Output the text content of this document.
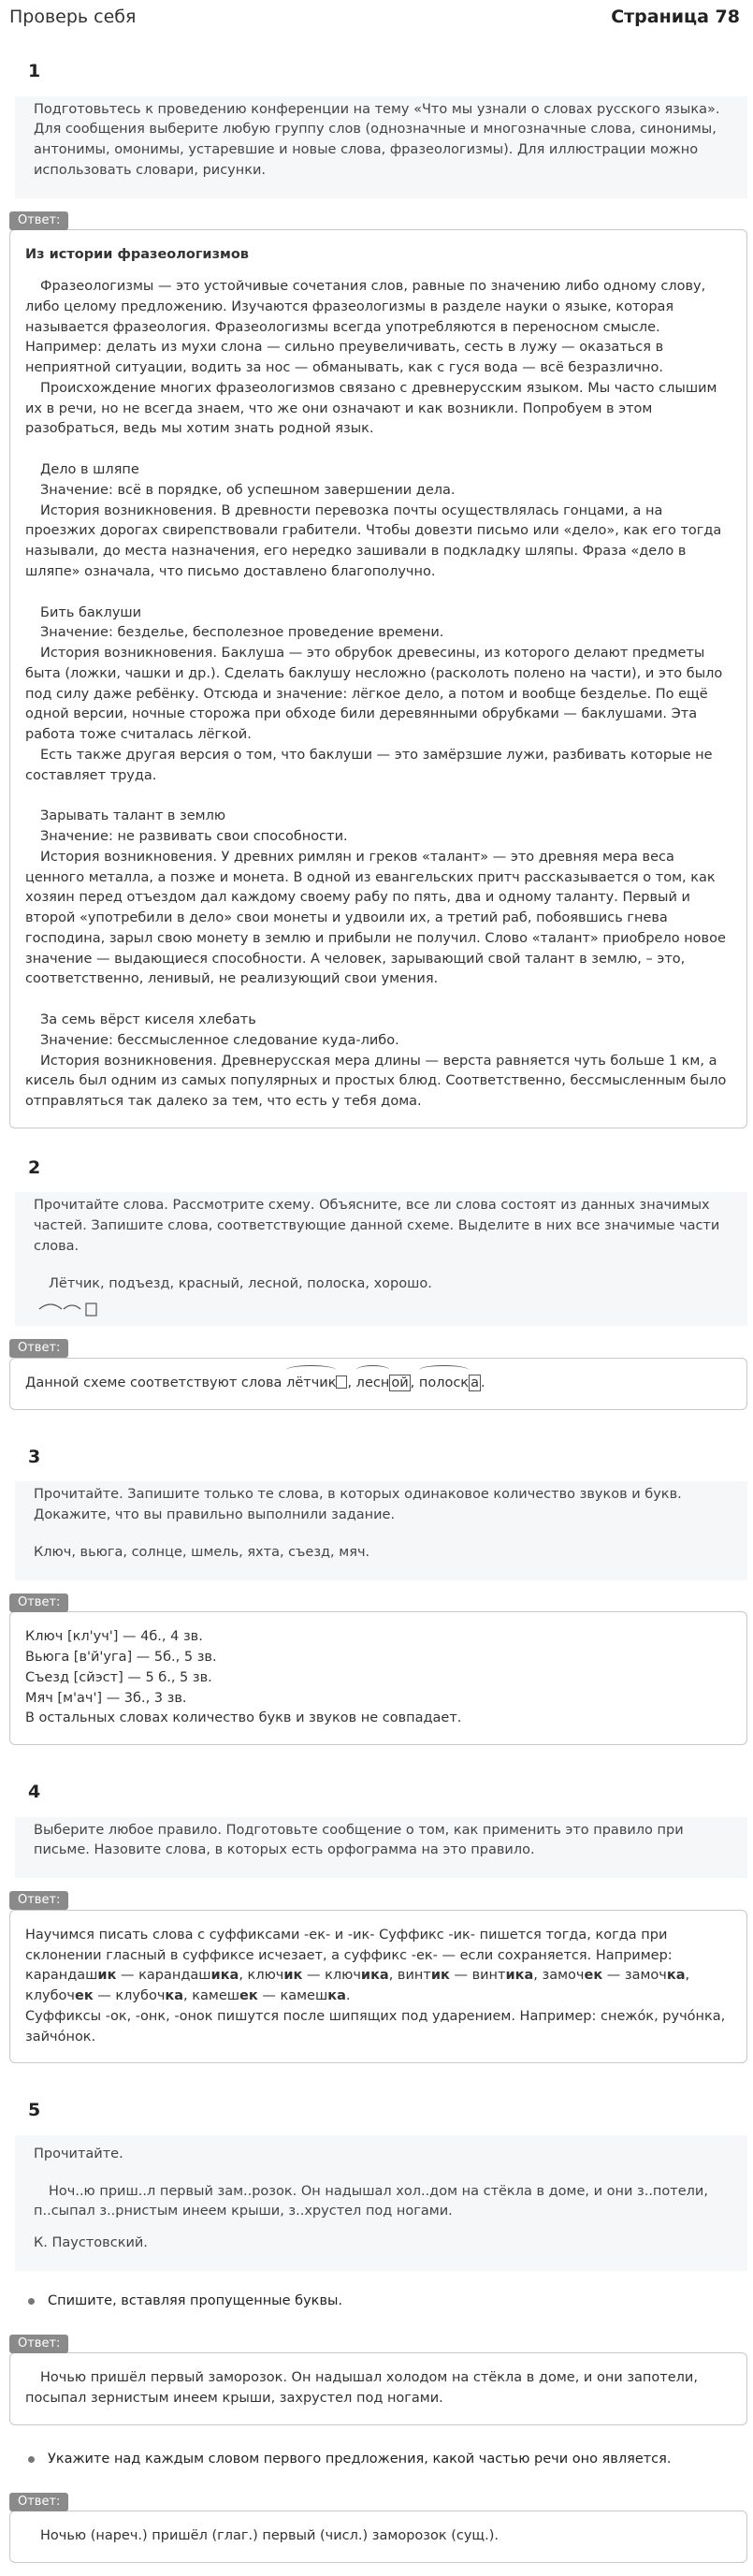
Проверь себя	Страница 78
1

Подготовьтесь к проведению конференции на тему «Что мы узнали о словах русского языка». Для сообщения выберите любую группу слов (однозначные и многозначные слова, синонимы, антонимы, омонимы, устаревшие и новые слова, фразеологизмы). Для иллюстрации можно использовать словари, рисунки.

Ответ:

Из истории фразеологизмов

Фразеологизмы — это устойчивые сочетания слов, равные по значению либо одному слову, либо целому предложению. Изучаются фразеологизмы в разделе науки о языке, которая называется фразеология. Фразеологизмы всегда употребляются в переносном смысле. Например: делать из мухи слона — сильно преувеличивать, сесть в лужу — оказаться в неприятной ситуации, водить за нос — обманывать, как с гуся вода — всё безразлично.

Происхождение многих фразеологизмов связано с древнерусским языком. Мы часто слышим их в речи, но не всегда знаем, что же они означают и как возникли. Попробуем в этом разобраться, ведь мы хотим знать родной язык.

Дело в шляпе

Значение: всё в порядке, об успешном завершении дела.

История возникновения. В древности перевозка почты осуществлялась гонцами, а на проезжих дорогах свирепствовали грабители. Чтобы довезти письмо или «дело», как его тогда называли, до места назначения, его нередко зашивали в подкладку шляпы. Фраза «дело в шляпе» означала, что письмо доставлено благополучно.

Бить баклуши

Значение: безделье, бесполезное проведение времени.

История возникновения. Баклуша — это обрубок древесины, из которого делают предметы быта (ложки, чашки и др.). Сделать баклушу несложно (расколоть полено на части), и это было под силу даже ребёнку. Отсюда и значение: лёгкое дело, а потом и вообще безделье. По ещё одной версии, ночные сторожа при обходе били деревянными обрубками — баклушами. Эта работа тоже считалась лёгкой.

Есть также другая версия о том, что баклуши — это замёрзшие лужи, разбивать которые не составляет труда.

Зарывать талант в землю

Значение: не развивать свои способности.

История возникновения. У древних римлян и греков «талант» — это древняя мера веса ценного металла, а позже и монета. В одной из евангельских притч рассказывается о том, как хозяин перед отъездом дал каждому своему рабу по пять, два и одному таланту. Первый и второй «употребили в дело» свои монеты и удвоили их, а третий раб, побоявшись гнева господина, зарыл свою монету в землю и прибыли не получил. Слово «талант» приобрело новое значение — выдающиеся способности. А человек, зарывающий свой талант в землю, – это, соответственно, ленивый, не реализующий свои умения.

За семь вёрст киселя хлебать

Значение: бессмысленное следование куда-либо.

История возникновения. Древнерусская мера длины — верста равняется чуть больше 1 км, а кисель был одним из самых популярных и простых блюд. Соответственно, бессмысленным было отправляться так далеко за тем, что есть у тебя дома.

2

Прочитайте слова. Рассмотрите схему. Объясните, все ли слова состоят из данных значимых частей. Запишите слова, соответствующие данной схеме. Выделите в них все значимые части слова.

Лётчик, подъезд, красный, лесной, полоска, хорошо.

Ответ:

Данной схеме соответствуют слова лётчик ,
лесн ой ,
полоск а .

3

Прочитайте. Запишите только те слова, в которых одинаковое количество звуков и букв. Докажите, что вы правильно выполнили задание.

Ключ, вьюга, солнце, шмель, яхта, съезд, мяч.

Ответ:

Ключ [кл'уч'] — 4б., 4 зв.

Вьюга [в'й'уга] — 5б., 5 зв.

Съезд [сйэст] — 5 б., 5 зв.

Мяч [м'ач'] — 3б., 3 зв.

В остальных словах количество букв и звуков не совпадает.

4

Выберите любое правило. Подготовьте сообщение о том, как применить это правило при письме. Назовите слова, в которых есть орфограмма на это правило.

Ответ:

Научимся писать слова с суффиксами -ек- и -ик- Суффикс -ик- пишется тогда, когда при склонении гласный в суффиксе исчезает, а суффикс -ек- — если сохраняется. Например: карандашик — карандашика, ключик — ключика, винтик — винтика, замочек — замочка, клубочек — клубочка, камешек — камешка.

Суффиксы -ок, -онк, -онок пишутся после шипящих под ударением. Например: снежо́к, ручо́нка, зайчо́нок.

5

Прочитайте.

Ноч..ю приш..л первый зам..розок. Он надышал хол..дом на стёкла в доме, и они з..потели, п..сыпал з..рнистым инеем крыши, з..хрустел под ногами.

К. Паустовский.

Спишите, вставляя пропущенные буквы.
Ответ:

Ночью пришёл первый заморозок. Он надышал холодом на стёкла в доме, и они запотели, посыпал зернистым инеем крыши, захрустел под ногами.

Укажите над каждым словом первого предложения, какой частью речи оно является.
Ответ:

Ночью (нареч.) пришёл (глаг.) первый (числ.) заморозок (сущ.).
